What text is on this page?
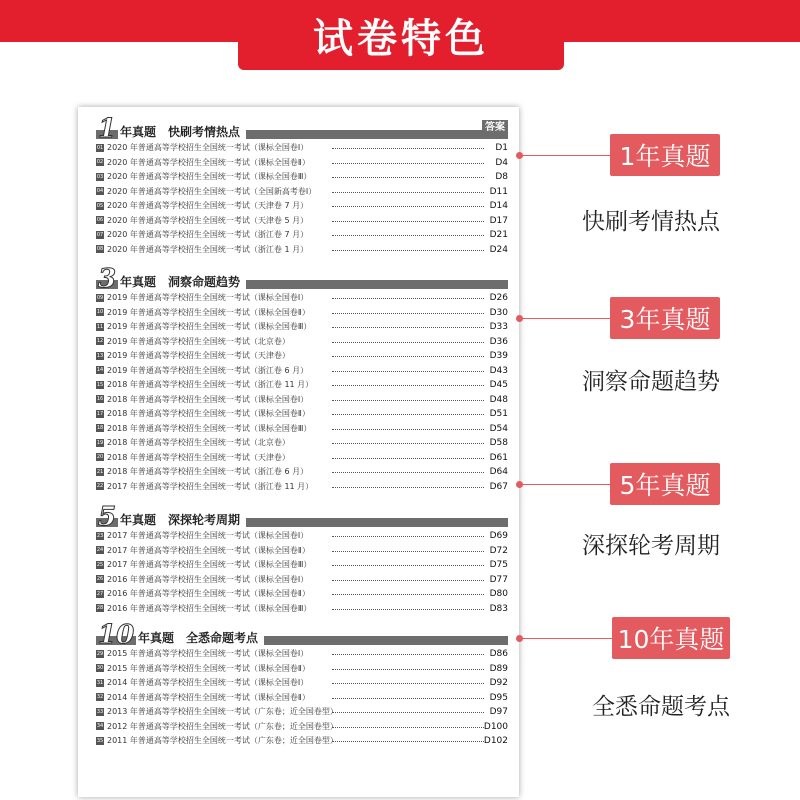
试卷特色
1 年真题　快刷考情热点	答案
01 2020 年普通高等学校招生全国统一考试（课标全国卷Ⅰ）	D1
02 2020 年普通高等学校招生全国统一考试（课标全国卷Ⅱ）	D4
03 2020 年普通高等学校招生全国统一考试（课标全国卷Ⅲ）	D8
04 2020 年普通高等学校招生全国统一考试（全国新高考卷Ⅰ）	D11
05 2020 年普通高等学校招生全国统一考试（天津卷 7 月）	D14
06 2020 年普通高等学校招生全国统一考试（天津卷 5 月）	D17
07 2020 年普通高等学校招生全国统一考试（浙江卷 7 月）	D21
08 2020 年普通高等学校招生全国统一考试（浙江卷 1 月）	D24
3 年真题　洞察命题趋势
09 2019 年普通高等学校招生全国统一考试（课标全国卷Ⅰ）	D26
10 2019 年普通高等学校招生全国统一考试（课标全国卷Ⅱ）	D30
11 2019 年普通高等学校招生全国统一考试（课标全国卷Ⅲ）	D33
12 2019 年普通高等学校招生全国统一考试（北京卷）	D36
13 2019 年普通高等学校招生全国统一考试（天津卷）	D39
14 2019 年普通高等学校招生全国统一考试（浙江卷 6 月）	D43
15 2018 年普通高等学校招生全国统一考试（浙江卷 11 月）	D45
16 2018 年普通高等学校招生全国统一考试（课标全国卷Ⅰ）	D48
17 2018 年普通高等学校招生全国统一考试（课标全国卷Ⅱ）	D51
18 2018 年普通高等学校招生全国统一考试（课标全国卷Ⅲ）	D54
19 2018 年普通高等学校招生全国统一考试（北京卷）	D58
20 2018 年普通高等学校招生全国统一考试（天津卷）	D61
21 2018 年普通高等学校招生全国统一考试（浙江卷 6 月）	D64
22 2017 年普通高等学校招生全国统一考试（浙江卷 11 月）	D67
5 年真题　深探轮考周期
23 2017 年普通高等学校招生全国统一考试（课标全国卷Ⅰ）	D69
24 2017 年普通高等学校招生全国统一考试（课标全国卷Ⅱ）	D72
25 2017 年普通高等学校招生全国统一考试（课标全国卷Ⅲ）	D75
26 2016 年普通高等学校招生全国统一考试（课标全国卷Ⅰ）	D77
27 2016 年普通高等学校招生全国统一考试（课标全国卷Ⅱ）	D80
28 2016 年普通高等学校招生全国统一考试（课标全国卷Ⅲ）	D83
10 年真题　全悉命题考点
29 2015 年普通高等学校招生全国统一考试（课标全国卷Ⅰ）	D86
30 2015 年普通高等学校招生全国统一考试（课标全国卷Ⅱ）	D89
31 2014 年普通高等学校招生全国统一考试（课标全国卷Ⅰ）	D92
32 2014 年普通高等学校招生全国统一考试（课标全国卷Ⅱ）	D95
33 2013 年普通高等学校招生全国统一考试（广东卷；近全国卷型）	D97
34 2012 年普通高等学校招生全国统一考试（广东卷；近全国卷型）	D100
35 2011 年普通高等学校招生全国统一考试（广东卷；近全国卷型）	D102
1年真题
快刷考情热点
3年真题
洞察命题趋势
5年真题
深探轮考周期
10年真题
全悉命题考点
